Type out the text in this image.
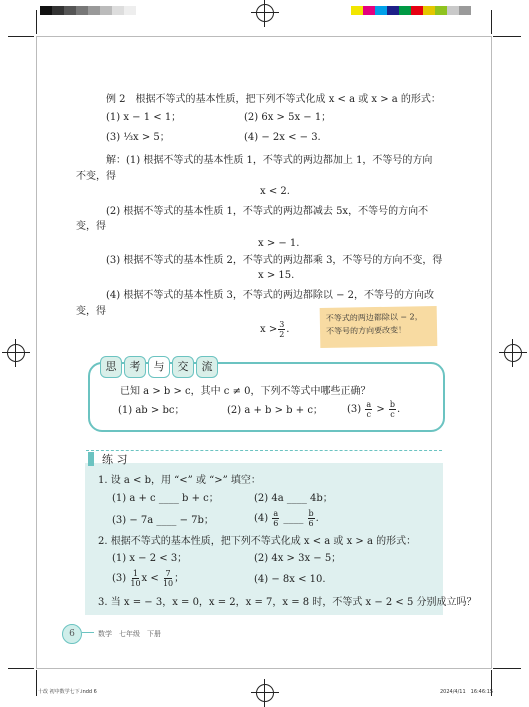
例 2　根据不等式的基本性质，把下列不等式化成 x < a 或 x > a 的形式：
(1) x − 1 < 1；	(2) 6x > 5x − 1；
(3) ⅓x > 5；	(4) − 2x < − 3.
解：(1) 根据不等式的基本性质 1，不等式的两边都加上 1，不等号的方向
不变，得
x < 2.
(2) 根据不等式的基本性质 1，不等式的两边都减去 5x，不等号的方向不
变，得
x > − 1.
(3) 根据不等式的基本性质 2，不等式的两边都乘 3，不等号的方向不变，得
x > 15.
(4) 根据不等式的基本性质 3，不等式的两边都除以 − 2，不等号的方向改
变，得
$x > \frac{3}{2}$ .
不等式的两边都除以 − 2，
不等号的方向要改变！
思 考 与 交 流
已知 a > b > c，其中 c ≠ 0，下列不等式中哪些正确？
(1) ab > bc；	(2) a + b > b + c； $(3) \frac{a}{c} > \frac{b}{c}$ .
练 习
1. 设 a < b，用 “<” 或 “>” 填空：
(1) a + c ____ b + c；	(2) 4a ____ 4b；
(3) − 7a ____ − 7b；	$(4) \frac{a}{6}$ ____ $\frac{b}{6}$ .
2. 根据不等式的基本性质，把下列不等式化成 x < a 或 x > a 的形式：
(1) x − 2 < 3；	(2) 4x > 3x − 5；
$(3) \frac{1}{10}$ $x < \frac{7}{10}$ ；	(4) − 8x < 10.
3. 当 x = − 3，x = 0，x = 2，x = 7，x = 8 时，不等式 x − 2 < 5 分别成立吗？
6	数学　七年级　下册
十改 初中数学七下.indd 6	2024/4/11　16:46:15
